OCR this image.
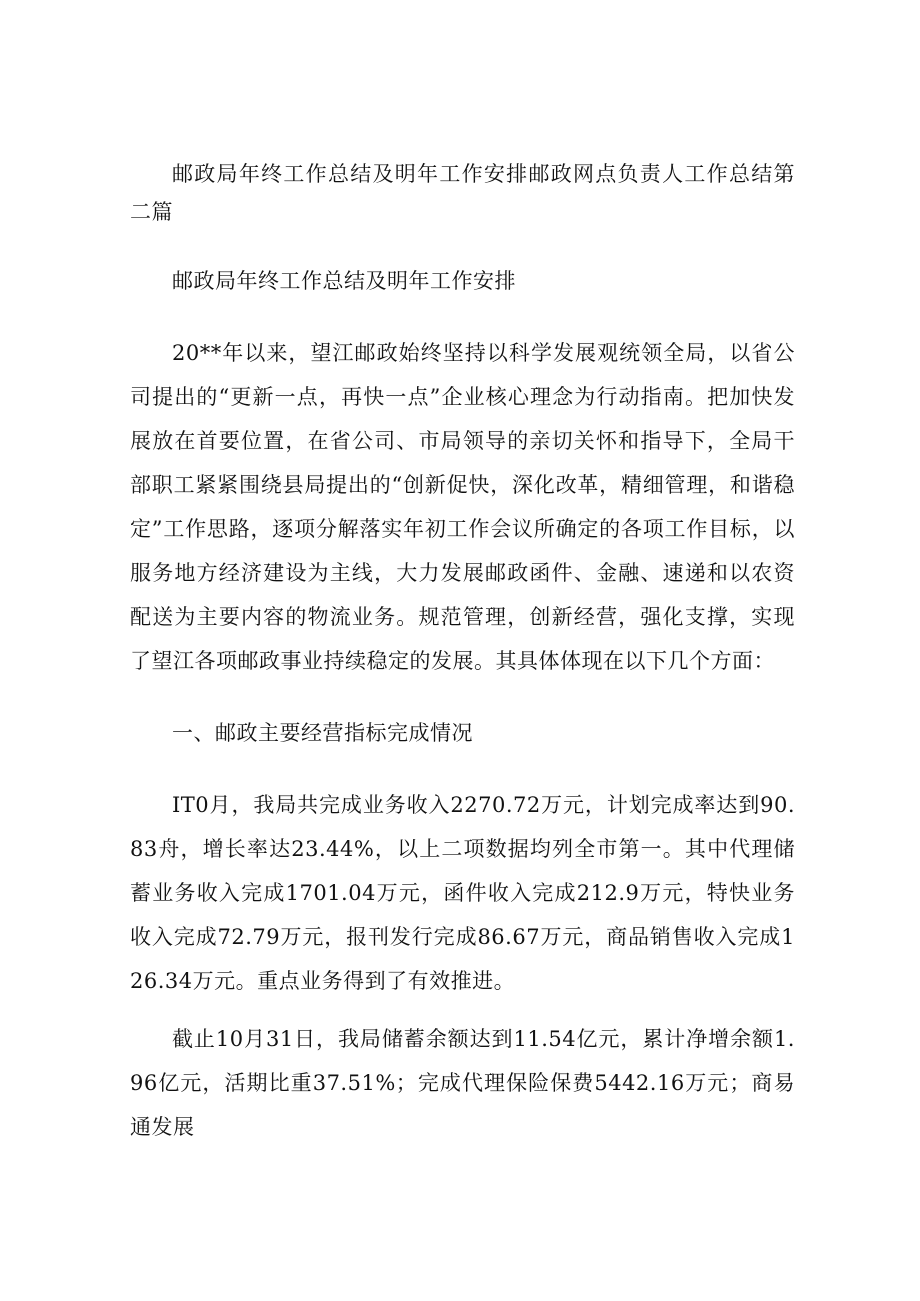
邮政局年终工作总结及明年工作安排邮政网点负责人工作总结第二篇

邮政局年终工作总结及明年工作安排

20**年以来，望江邮政始终坚持以科学发展观统领全局，以省公司提出的“更新一点，再快一点”企业核心理念为行动指南。把加快发展放在首要位置，在省公司、市局领导的亲切关怀和指导下，全局干部职工紧紧围绕县局提出的“创新促快，深化改革，精细管理，和谐稳定”工作思路，逐项分解落实年初工作会议所确定的各项工作目标，以服务地方经济建设为主线，大力发展邮政函件、金融、速递和以农资配送为主要内容的物流业务。规范管理，创新经营，强化支撑，实现了望江各项邮政事业持续稳定的发展。其具体体现在以下几个方面：

一、邮政主要经营指标完成情况

IT0月，我局共完成业务收入2270.72万元，计划完成率达到90.83舟，增长率达23.44%，以上二项数据均列全市第一。其中代理储蓄业务收入完成1701.04万元，函件收入完成212.9万元，特快业务收入完成72.79万元，报刊发行完成86.67万元，商品销售收入完成126.34万元。重点业务得到了有效推进。

截止10月31日，我局储蓄余额达到11.54亿元，累计净增余额1.96亿元，活期比重37.51%；完成代理保险保费5442.16万元；商易通发展
